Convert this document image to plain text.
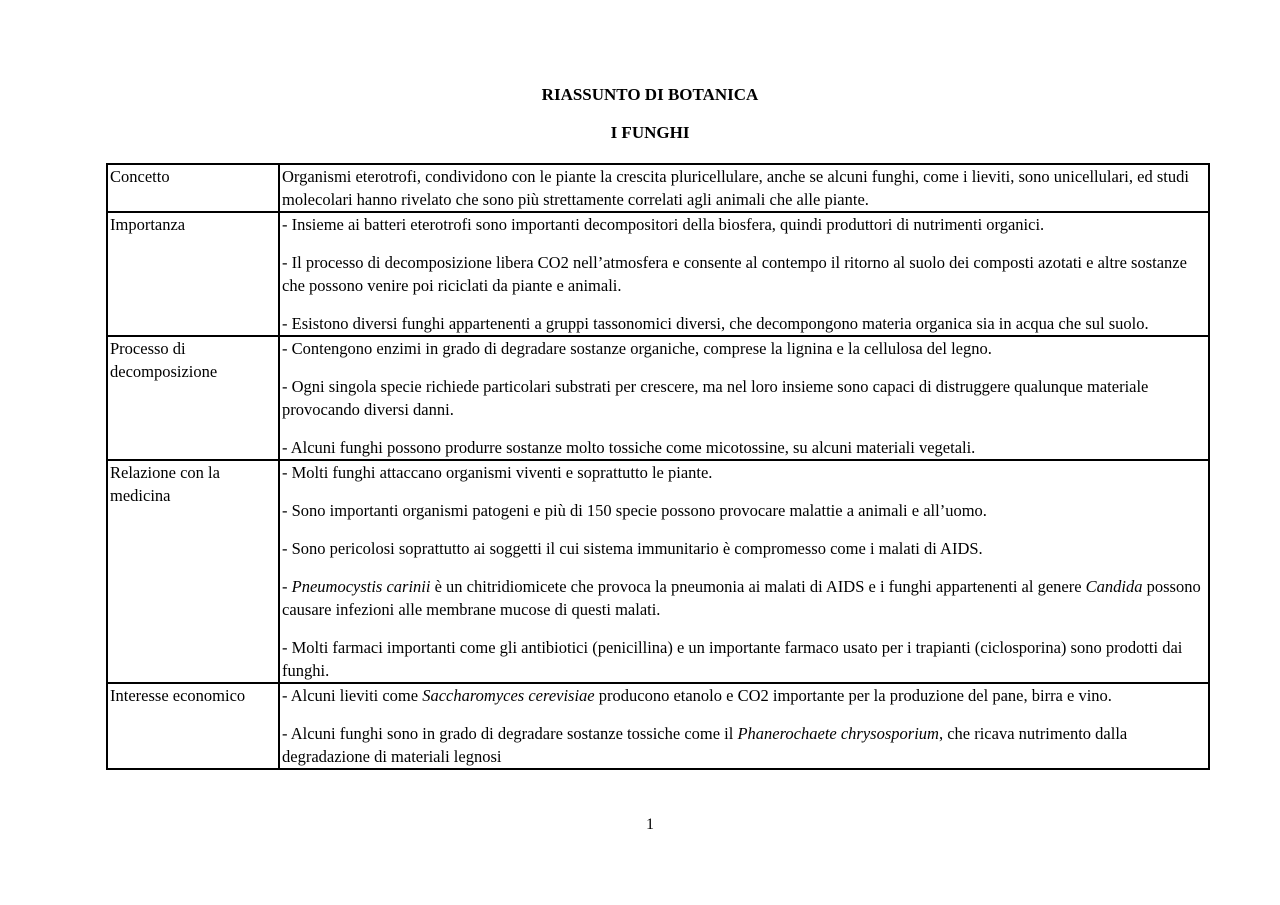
RIASSUNTO DI BOTANICA
I FUNGHI
Concetto	Organismi eterotrofi, condividono con le piante la crescita pluricellulare, anche se alcuni funghi, come i lieviti, sono unicellulari, ed studi molecolari hanno rivelato che sono più strettamente correlati agli animali che alle piante.

Importanza	- Insieme ai batteri eterotrofi sono importanti decompositori della biosfera, quindi produttori di nutrimenti organici.

- Il processo di decomposizione libera CO2 nell’atmosfera e consente al contempo il ritorno al suolo dei composti azotati e altre sostanze che possono venire poi riciclati da piante e animali.

- Esistono diversi funghi appartenenti a gruppi tassonomici diversi, che decompongono materia organica sia in acqua che sul suolo.

Processo di decomposizione	- Contengono enzimi in grado di degradare sostanze organiche, comprese la lignina e la cellulosa del legno.

- Ogni singola specie richiede particolari substrati per crescere, ma nel loro insieme sono capaci di distruggere qualunque materiale provocando diversi danni.

- Alcuni funghi possono produrre sostanze molto tossiche come micotossine, su alcuni materiali vegetali.

Relazione con la medicina	- Molti funghi attaccano organismi viventi e soprattutto le piante.

- Sono importanti organismi patogeni e più di 150 specie possono provocare malattie a animali e all’uomo.

- Sono pericolosi soprattutto ai soggetti il cui sistema immunitario è compromesso come i malati di AIDS.

- Pneumocystis carinii è un chitridiomicete che provoca la pneumonia ai malati di AIDS e i funghi appartenenti al genere Candida possono causare infezioni alle membrane mucose di questi malati.

- Molti farmaci importanti come gli antibiotici (penicillina) e un importante farmaco usato per i trapianti (ciclosporina) sono prodotti dai funghi.

Interesse economico	- Alcuni lieviti come Saccharomyces cerevisiae producono etanolo e CO2 importante per la produzione del pane, birra e vino.

- Alcuni funghi sono in grado di degradare sostanze tossiche come il Phanerochaete chrysosporium, che ricava nutrimento dalla degradazione di materiali legnosi

1
